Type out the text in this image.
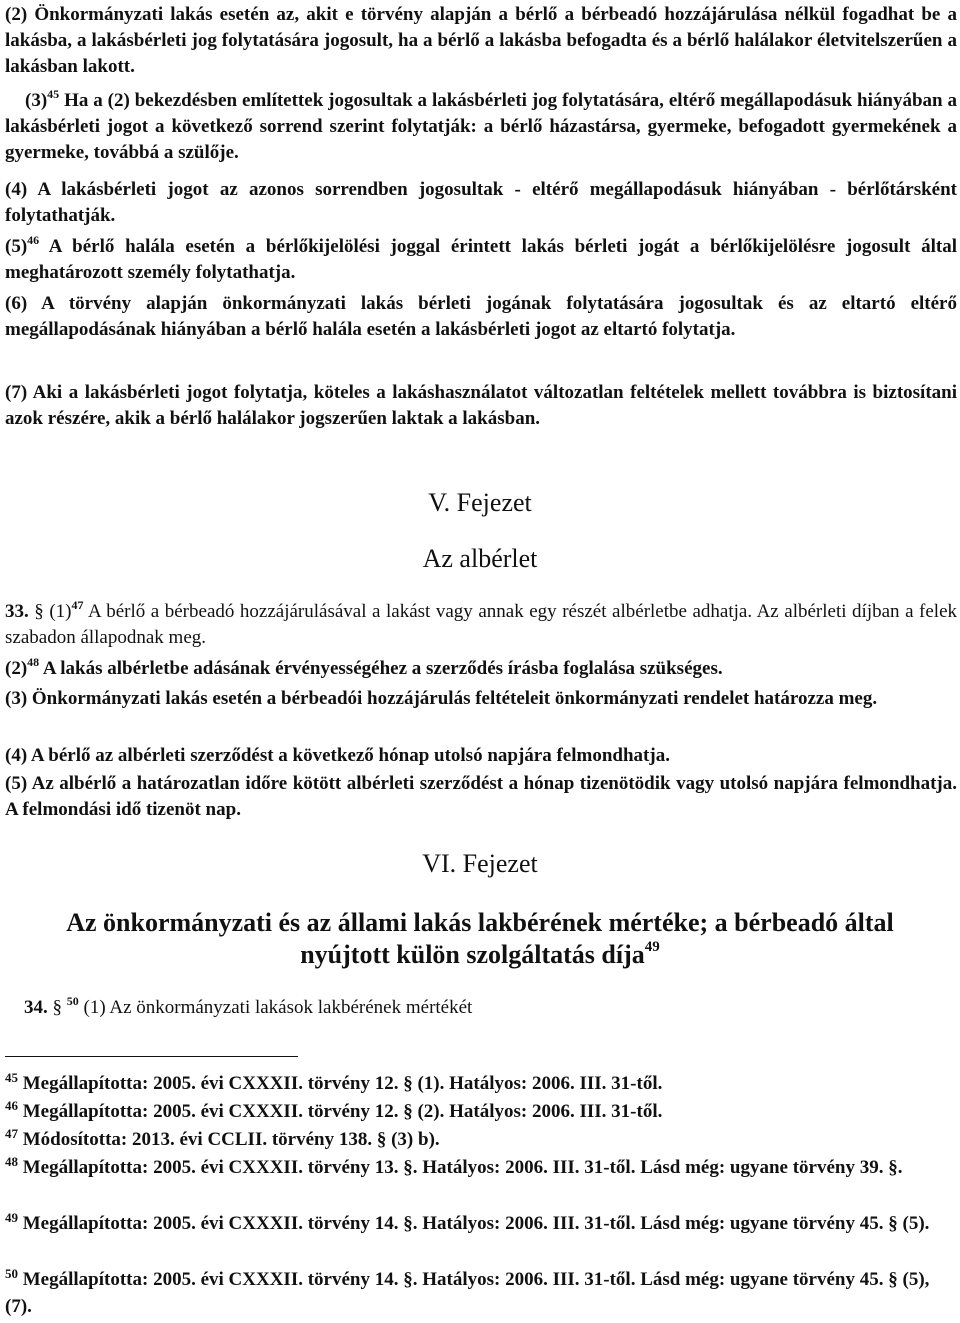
(2) Önkormányzati lakás esetén az, akit e törvény alapján a bérlő a bérbeadó hozzájárulása nélkül fogadhat be a lakásba, a lakásbérleti jog folytatására jogosult, ha a bérlő a lakásba befogadta és a bérlő halálakor életvitelszerűen a lakásban lakott.
$(3)^{45}$ Ha a (2) bekezdésben említettek jogosultak a lakásbérleti jog folytatására, eltérő megállapodásuk hiányában a lakásbérleti jogot a következő sorrend szerint folytatják: a bérlő házastársa, gyermeke, befogadott gyermekének a gyermeke, továbbá a szülője.
(4) A lakásbérleti jogot az azonos sorrendben jogosultak - eltérő megállapodásuk hiányában - bérlőtársként folytathatják.
$(5)^{46}$ A bérlő halála esetén a bérlőkijelölési joggal érintett lakás bérleti jogát a bérlőkijelölésre jogosult által meghatározott személy folytathatja.
(6) A törvény alapján önkormányzati lakás bérleti jogának folytatására jogosultak és az eltartó eltérő megállapodásának hiányában a bérlő halála esetén a lakásbérleti jogot az eltartó folytatja.
(7) Aki a lakásbérleti jogot folytatja, köteles a lakáshasználatot változatlan feltételek mellett továbbra is biztosítani azok részére, akik a bérlő halálakor jogszerűen laktak a lakásban.
V. Fejezet
Az albérlet
33. § $(1)^{47}$ A bérlő a bérbeadó hozzájárulásával a lakást vagy annak egy részét albérletbe adhatja. Az albérleti díjban a felek szabadon állapodnak meg.
$(2)^{48}$ A lakás albérletbe adásának érvényességéhez a szerződés írásba foglalása szükséges.
(3) Önkormányzati lakás esetén a bérbeadói hozzájárulás feltételeit önkormányzati rendelet határozza meg.
(4) A bérlő az albérleti szerződést a következő hónap utolsó napjára felmondhatja.
(5) Az albérlő a határozatlan időre kötött albérleti szerződést a hónap tizenötödik vagy utolsó napjára felmondhatja. A felmondási idő tizenöt nap.
VI. Fejezet
Az önkormányzati és az állami lakás lakbérének mértéke; a bérbeadó által nyújtott külön szolgáltatás díja$^{49}$
34. § $^{50}$ (1) Az önkormányzati lakások lakbérének mértékét
$^{45}$ Megállapította: 2005. évi CXXXII. törvény 12. § (1). Hatályos: 2006. III. 31-től.
$^{46}$ Megállapította: 2005. évi CXXXII. törvény 12. § (2). Hatályos: 2006. III. 31-től.
$^{47}$ Módosította: 2013. évi CCLII. törvény 138. § (3) b).
$^{48}$ Megállapította: 2005. évi CXXXII. törvény 13. §. Hatályos: 2006. III. 31-től. Lásd még: ugyane törvény 39. §.
$^{49}$ Megállapította: 2005. évi CXXXII. törvény 14. §. Hatályos: 2006. III. 31-től. Lásd még: ugyane törvény 45. § (5).
$^{50}$ Megállapította: 2005. évi CXXXII. törvény 14. §. Hatályos: 2006. III. 31-től. Lásd még: ugyane törvény 45. § (5), (7).
